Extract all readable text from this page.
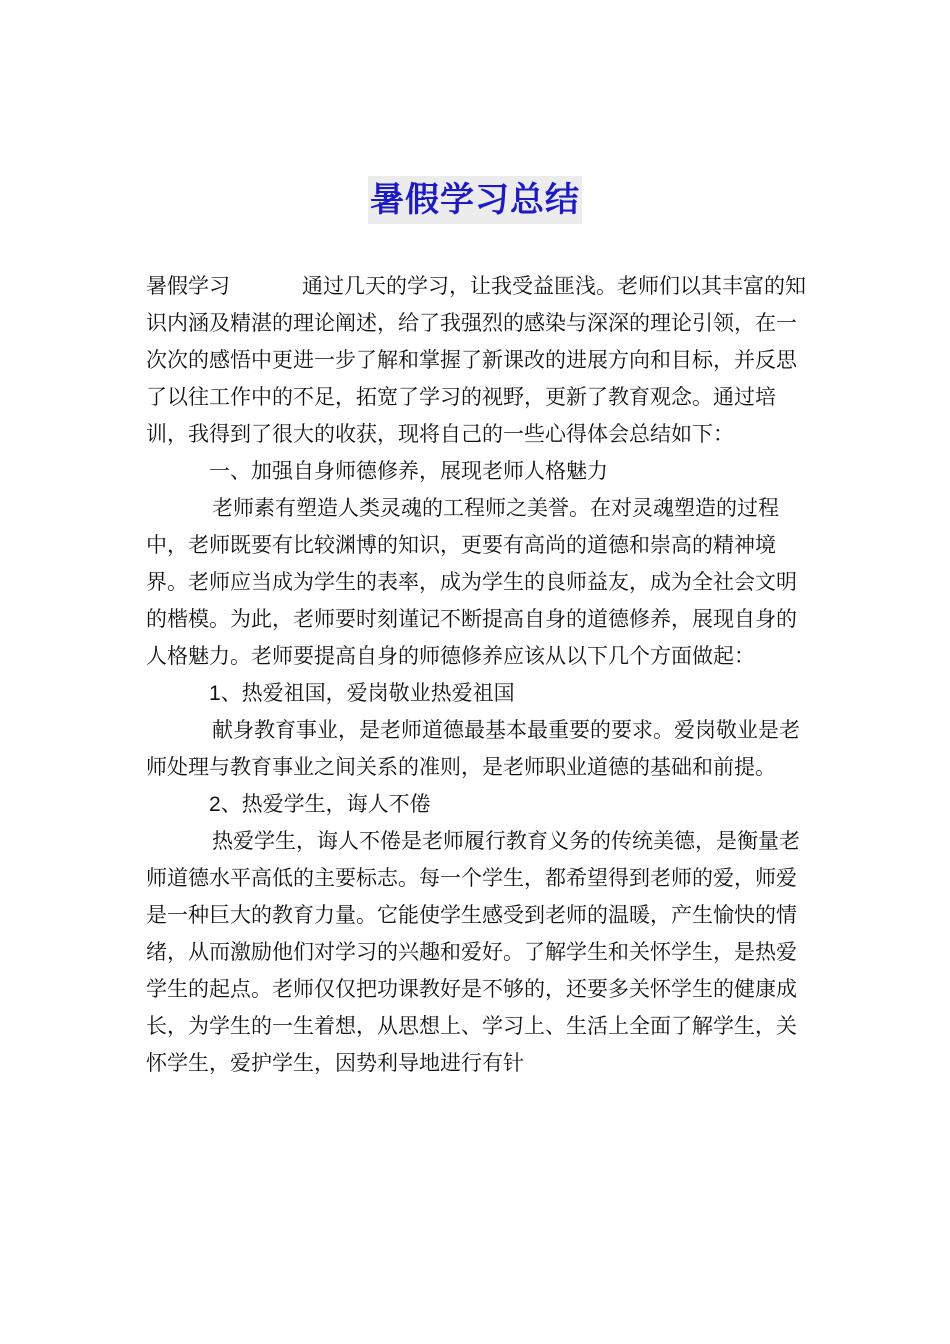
暑假学习总结

暑假学习	通过几天的学习，让我受益匪浅。老师们以其丰富的知识内涵及精湛的理论阐述，给了我强烈的感染与深深的理论引领，在一次次的感悟中更进一步了解和掌握了新课改的进展方向和目标，并反思了以往工作中的不足，拓宽了学习的视野，更新了教育观念。通过培训，我得到了很大的收获，现将自己的一些心得体会总结如下：

一、加强自身师德修养，展现老师人格魅力

老师素有塑造人类灵魂的工程师之美誉。在对灵魂塑造的过程中，老师既要有比较渊博的知识，更要有高尚的道德和崇高的精神境界。老师应当成为学生的表率，成为学生的良师益友，成为全社会文明的楷模。为此，老师要时刻谨记不断提高自身的道德修养，展现自身的人格魅力。老师要提高自身的师德修养应该从以下几个方面做起：

1、热爱祖国，爱岗敬业热爱祖国

献身教育事业，是老师道德最基本最重要的要求。爱岗敬业是老师处理与教育事业之间关系的准则，是老师职业道德的基础和前提。

2、热爱学生，诲人不倦

热爱学生，诲人不倦是老师履行教育义务的传统美德，是衡量老师道德水平高低的主要标志。每一个学生，都希望得到老师的爱，师爱是一种巨大的教育力量。它能使学生感受到老师的温暖，产生愉快的情绪，从而激励他们对学习的兴趣和爱好。了解学生和关怀学生，是热爱学生的起点。老师仅仅把功课教好是不够的，还要多关怀学生的健康成长，为学生的一生着想，从思想上、学习上、生活上全面了解学生，关怀学生，爱护学生，因势利导地进行有针
